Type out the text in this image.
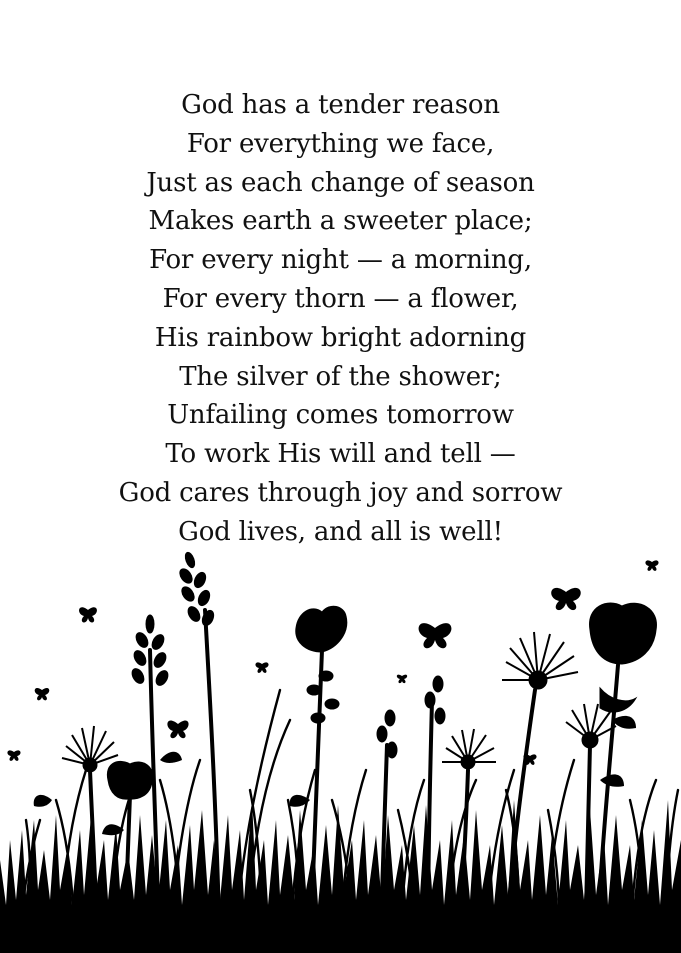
God has a tender reason
For everything we face,
Just as each change of season
Makes earth a sweeter place;
For every night — a morning,
For every thorn — a flower,
His rainbow bright adorning
The silver of the shower;
Unfailing comes tomorrow
To work His will and tell —
God cares through joy and sorrow
God lives, and all is well!
